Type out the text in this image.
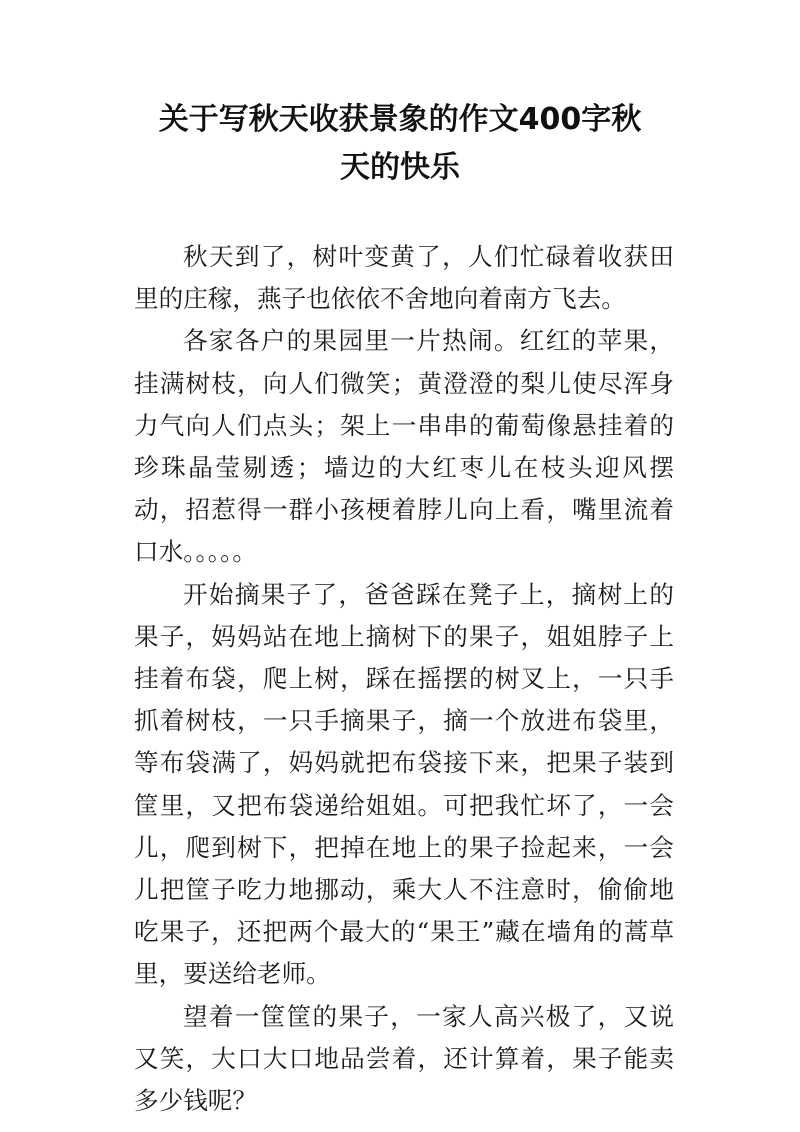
关于写秋天收获景象的作文400字秋
天的快乐

秋天到了，树叶变黄了，人们忙碌着收获田里的庄稼，燕子也依依不舍地向着南方飞去。

各家各户的果园里一片热闹。红红的苹果，挂满树枝，向人们微笑；黄澄澄的梨儿使尽浑身力气向人们点头；架上一串串的葡萄像悬挂着的珍珠晶莹剔透；墙边的大红枣儿在枝头迎风摆动，招惹得一群小孩梗着脖儿向上看，嘴里流着口水。。。。。

开始摘果子了，爸爸踩在凳子上，摘树上的果子，妈妈站在地上摘树下的果子，姐姐脖子上挂着布袋，爬上树，踩在摇摆的树叉上，一只手抓着树枝，一只手摘果子，摘一个放进布袋里，等布袋满了，妈妈就把布袋接下来，把果子装到筐里，又把布袋递给姐姐。可把我忙坏了，一会儿，爬到树下，把掉在地上的果子捡起来，一会儿把筐子吃力地挪动，乘大人不注意时，偷偷地吃果子，还把两个最大的“果王”藏在墙角的蒿草里，要送给老师。

望着一筐筐的果子，一家人高兴极了，又说又笑，大口大口地品尝着，还计算着，果子能卖多少钱呢？
